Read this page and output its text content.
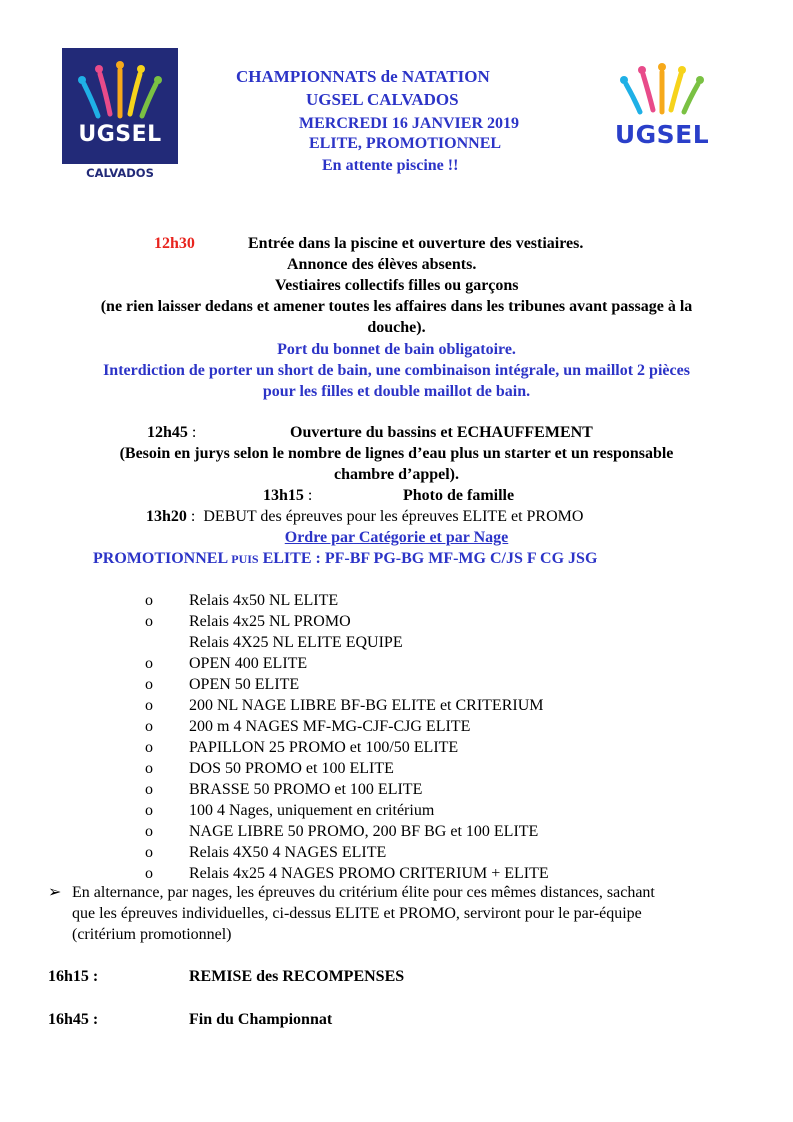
UGSEL
CALVADOS
UGSEL
CHAMPIONNATS de NATATION
UGSEL CALVADOS
MERCREDI 16 JANVIER 2019
ELITE, PROMOTIONNEL
En attente piscine !!
12h30	Entrée dans la piscine et ouverture des vestiaires.
Annonce des élèves absents.
Vestiaires collectifs filles ou garçons
(ne rien laisser dedans et amener toutes les affaires dans les tribunes avant passage à la
douche).
Port du bonnet de bain obligatoire.
Interdiction de porter un short de bain, une combinaison intégrale, un maillot 2 pièces
pour les filles et double maillot de bain.
12h45 :	Ouverture du bassins et ECHAUFFEMENT
(Besoin en jurys selon le nombre de lignes d’eau plus un starter et un responsable
chambre d’appel).
13h15 :	Photo de famille
13h20 : DEBUT des épreuves pour les épreuves ELITE et PROMO
Ordre par Catégorie et par Nage
PROMOTIONNEL PUIS ELITE : PF-BF PG-BG MF-MG C/JS F CG JSG
o Relais 4x50 NL ELITE
o Relais 4x25 NL PROMO
Relais 4X25 NL ELITE EQUIPE
o OPEN 400 ELITE
o OPEN 50 ELITE
o 200 NL NAGE LIBRE BF-BG ELITE et CRITERIUM
o 200 m 4 NAGES MF-MG-CJF-CJG ELITE
o PAPILLON 25 PROMO et 100/50 ELITE
o DOS 50 PROMO et 100 ELITE
o BRASSE 50 PROMO et 100 ELITE
o 100 4 Nages, uniquement en critérium
o NAGE LIBRE 50 PROMO, 200 BF BG et 100 ELITE
o Relais 4X50 4 NAGES ELITE
o Relais 4x25 4 NAGES PROMO CRITERIUM + ELITE
➢ En alternance, par nages, les épreuves du critérium élite pour ces mêmes distances, sachant
que les épreuves individuelles, ci-dessus ELITE et PROMO, serviront pour le par-équipe
(critérium promotionnel)
16h15 :	REMISE des RECOMPENSES
16h45 :	Fin du Championnat
